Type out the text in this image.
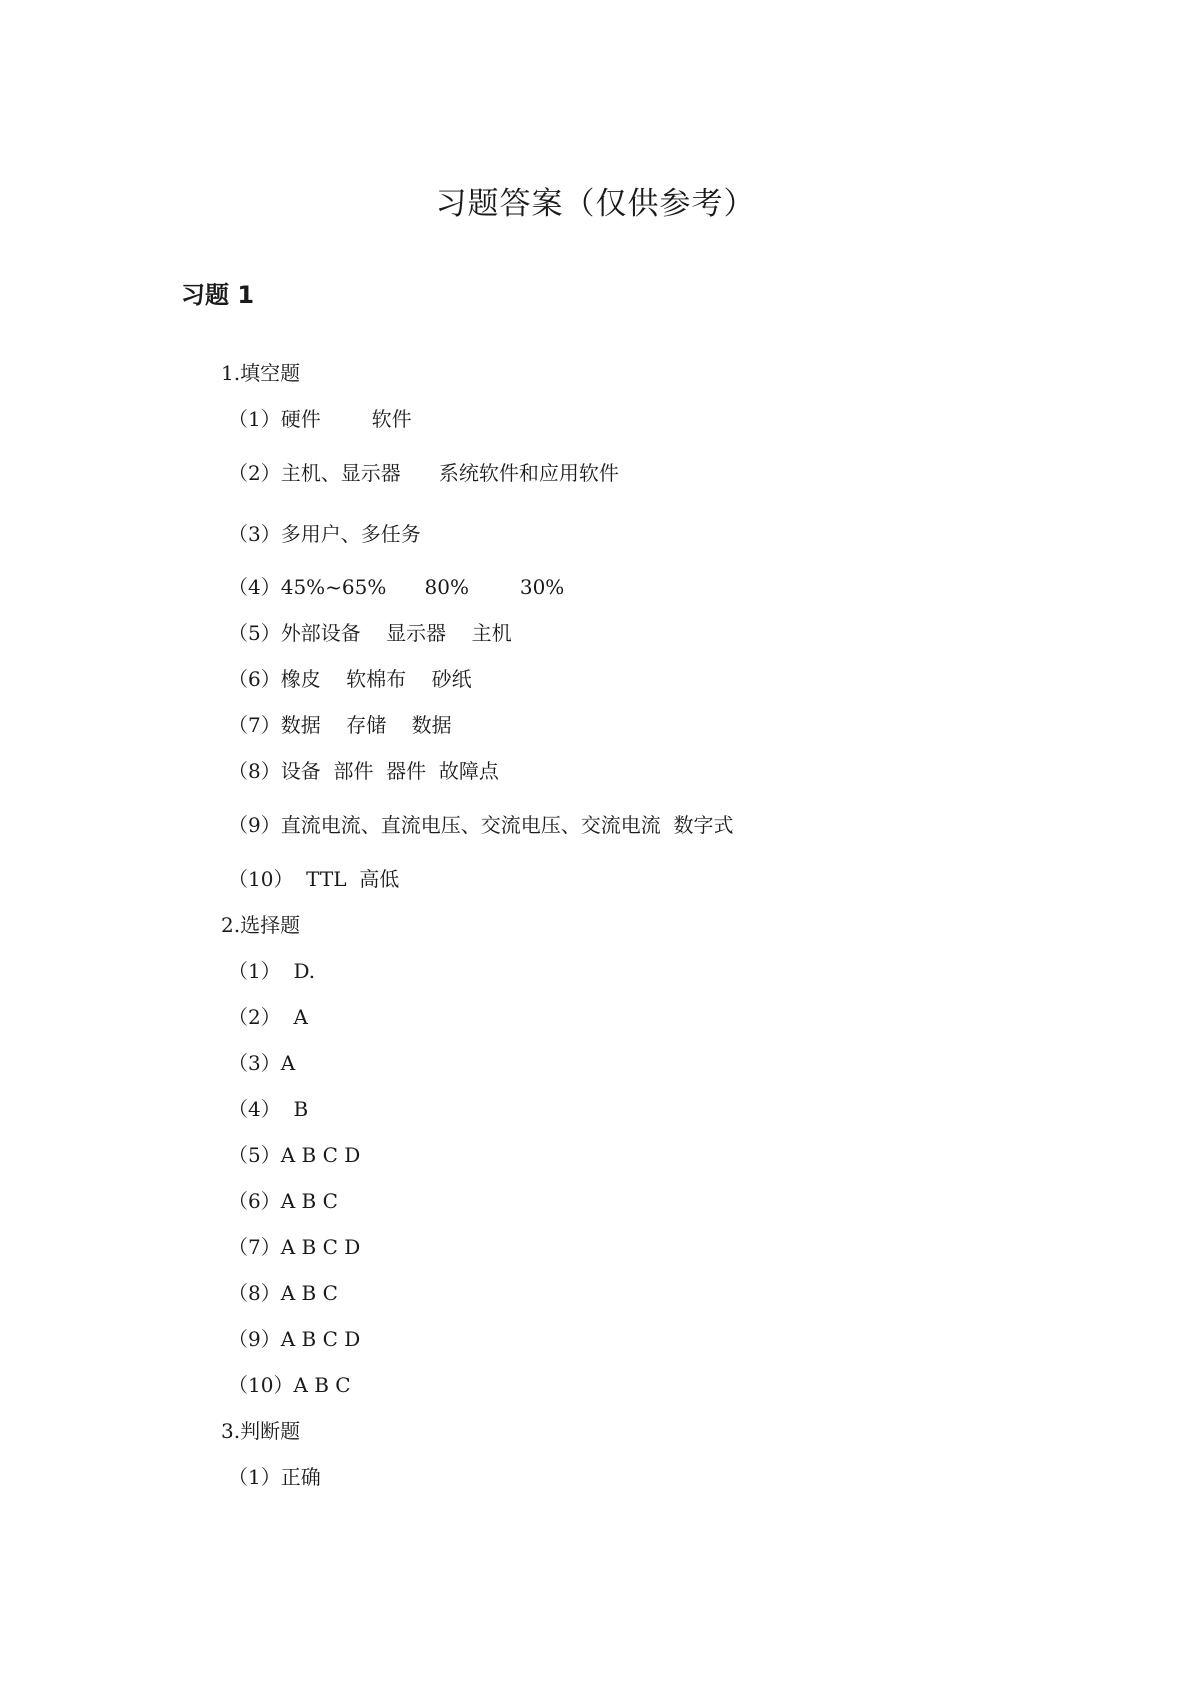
习题答案（仅供参考）
习题 1
1.填空题
（1）硬件        软件
（2）主机、显示器      系统软件和应用软件
（3）多用户、多任务
（4）45%~65%      80%        30%
（5）外部设备    显示器    主机
（6）橡皮    软棉布    砂纸
（7）数据    存储    数据
（8）设备  部件  器件  故障点
（9）直流电流、直流电压、交流电压、交流电流  数字式
（10）  TTL  高低
2.选择题
（1）  D.
（2）  A
（3）A
（4）  B
（5）A B C D
（6）A B C
（7）A B C D
（8）A B C
（9）A B C D
（10）A B C
3.判断题
（1）正确
